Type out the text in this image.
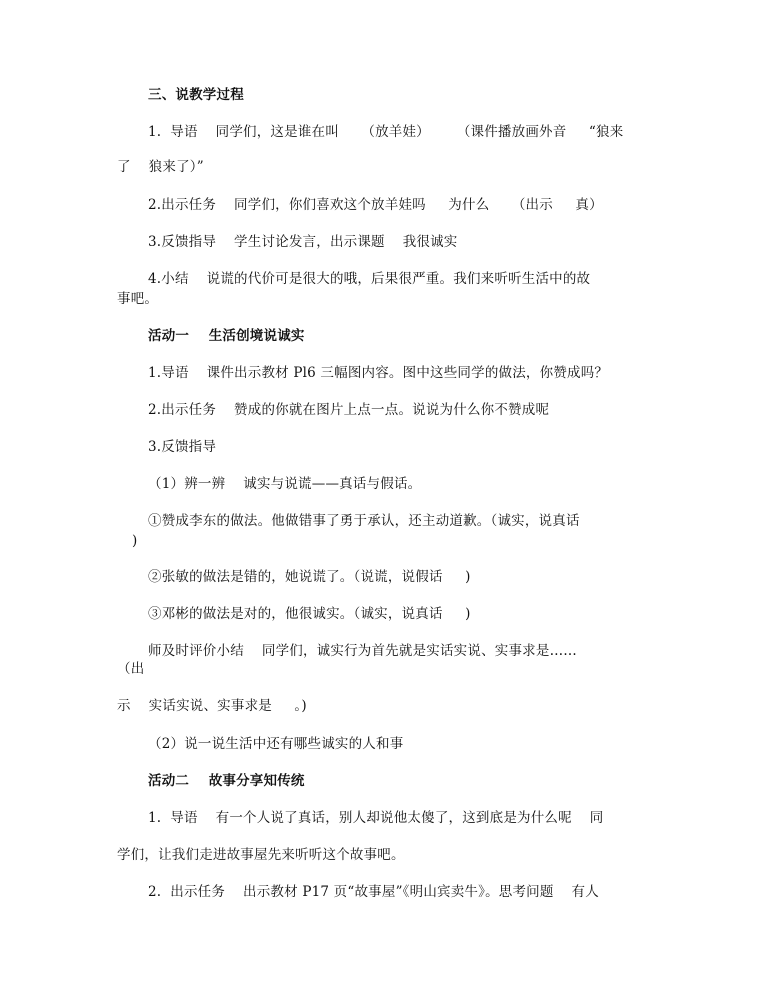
三、说教学过程

1.  导语    同学们，这是谁在叫     （放羊娃）      （课件播放画外音     “狼来

了    狼来了）”

2.出示任务    同学们，你们喜欢这个放羊娃吗     为什么     （出示     真）

3.反馈指导    学生讨论发言，出示课题    我很诚实

4.小结    说谎的代价可是很大的哦，后果很严重。我们来听听生活中的故

事吧。

活动一    生活创境说诚实

1.导语    课件出示教材 Pl6 三幅图内容。图中这些同学的做法，你赞成吗？

2.出示任务    赞成的你就在图片上点一点。说说为什么你不赞成呢

3.反馈指导

（1）辨一辨    诚实与说谎——真话与假话。

①赞成李东的做法。他做错事了勇于承认，还主动道歉。（诚实，说真话

)

②张敏的做法是错的，她说谎了。（说谎，说假话     )

③邓彬的做法是对的，他很诚实。（诚实，说真话     )

师及时评价小结    同学们，诚实行为首先就是实话实说、实事求是……

（出

示    实话实说、实事求是     。)

（2）说一说生活中还有哪些诚实的人和事

活动二    故事分享知传统

1.  导语    有一个人说了真话，别人却说他太傻了，这到底是为什么呢    同

学们，让我们走进故事屋先来听听这个故事吧。

2.  出示任务    出示教材 P17 页“故事屋”《明山宾卖牛》。思考问题    有人
